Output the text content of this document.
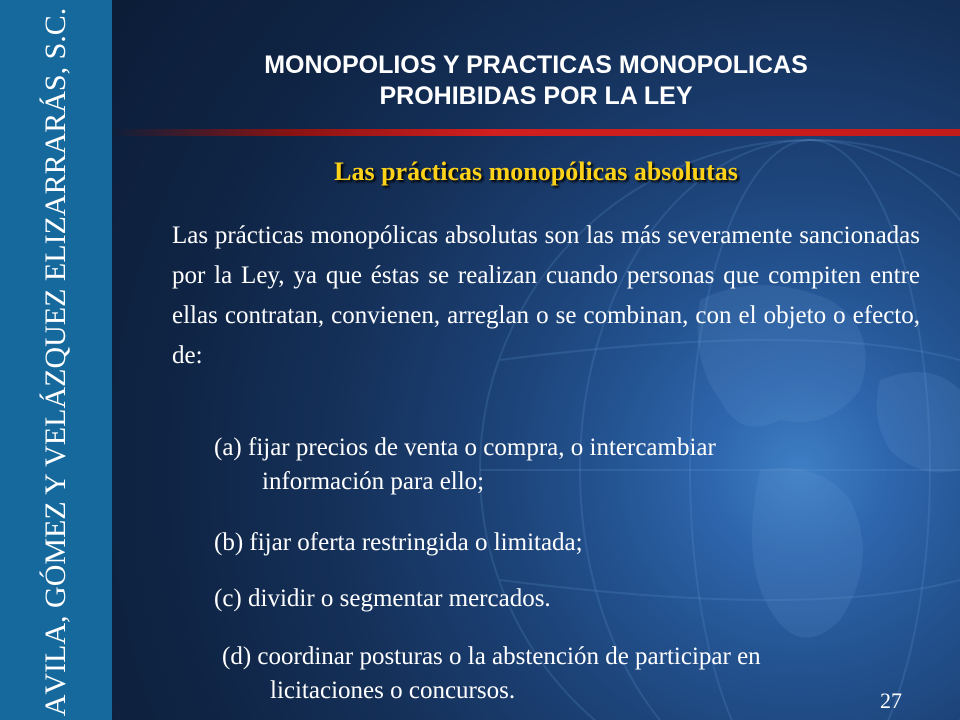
AVILA, GÓMEZ Y VELÁZQUEZ ELIZARRARÁS, S.C.	MONOPOLIOS Y PRACTICAS MONOPOLICAS
PROHIBIDAS POR LA LEY
Las prácticas monopólicas absolutas
Las prácticas monopólicas absolutas son las más severamente sancionadas por la Ley, ya que éstas se realizan cuando personas que compiten entre ellas contratan, convienen, arreglan o se combinan, con el objeto o efecto, de:
(a) fijar precios de venta o compra, o intercambiar
información para ello;
(b) fijar oferta restringida o limitada;
(c) dividir o segmentar mercados.
(d) coordinar posturas o la abstención de participar en
licitaciones o concursos.	27
